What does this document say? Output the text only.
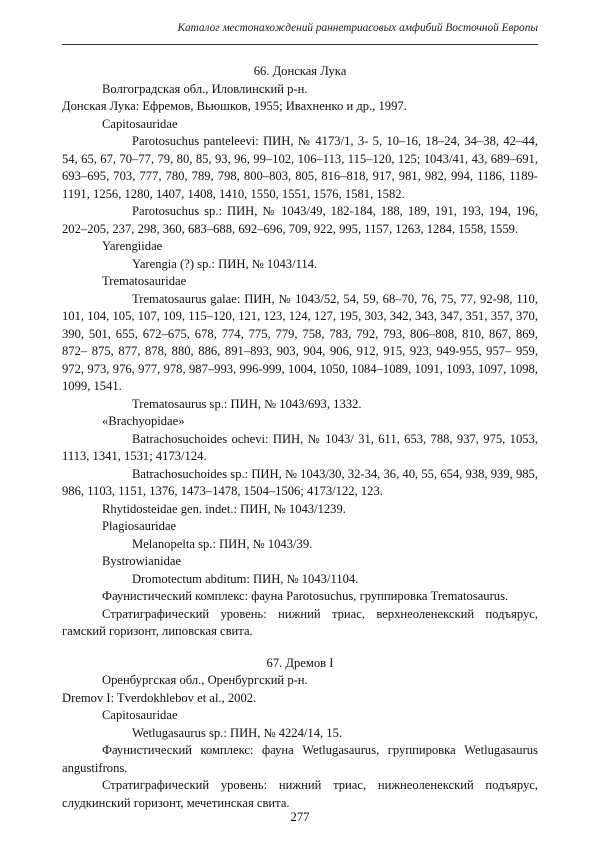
Каталог местонахождений раннетриасовых амфибий Восточной Европы

66. Донская Лука

Волгоградская обл., Иловлинский р-н.

Донская Лука: Ефремов, Вьюшков, 1955; Ивахненко и др., 1997.

Capitosauridae

Parotosuchus panteleevi: ПИН, № 4173/1, 3- 5, 10–16, 18–24, 34–38, 42–44, 54, 65, 67, 70–77, 79, 80, 85, 93, 96, 99–102, 106–113, 115–120, 125; 1043/41, 43, 689–691, 693–695, 703, 777, 780, 789, 798, 800–803, 805, 816–818, 917, 981, 982, 994, 1186, 1189-1191, 1256, 1280, 1407, 1408, 1410, 1550, 1551, 1576, 1581, 1582.

Parotosuchus sp.: ПИН, № 1043/49, 182-184, 188, 189, 191, 193, 194, 196, 202–205, 237, 298, 360, 683–688, 692–696, 709, 922, 995, 1157, 1263, 1284, 1558, 1559.

Yarengiidae

Yarengia (?) sp.: ПИН, № 1043/114.

Trematosauridae

Trematosaurus galae: ПИН, № 1043/52, 54, 59, 68–70, 76, 75, 77, 92-98, 110, 101, 104, 105, 107, 109, 115–120, 121, 123, 124, 127, 195, 303, 342, 343, 347, 351, 357, 370, 390, 501, 655, 672–675, 678, 774, 775, 779, 758, 783, 792, 793, 806–808, 810, 867, 869, 872– 875, 877, 878, 880, 886, 891–893, 903, 904, 906, 912, 915, 923, 949-955, 957– 959, 972, 973, 976, 977, 978, 987–993, 996-999, 1004, 1050, 1084–1089, 1091, 1093, 1097, 1098, 1099, 1541.

Trematosaurus sp.: ПИН, № 1043/693, 1332.

«Brachyopidae»

Batrachosuchoides ochevi: ПИН, № 1043/ 31, 611, 653, 788, 937, 975, 1053, 1113, 1341, 1531; 4173/124.

Batrachosuchoides sp.: ПИН, № 1043/30, 32-34, 36, 40, 55, 654, 938, 939, 985, 986, 1103, 1151, 1376, 1473–1478, 1504–1506; 4173/122, 123.

Rhytidosteidae gen. indet.: ПИН, № 1043/1239.

Plagiosauridae

Melanopelta sp.: ПИН, № 1043/39.

Bystrowianidae

Dromotectum abditum: ПИН, № 1043/1104.

Фаунистический комплекс: фауна Parotosuchus, группировка Trematosaurus.

Стратиграфический уровень: нижний триас, верхнеоленекский подъярус, гамский горизонт, липовская свита.

67. Дремов I

Оренбургская обл., Оренбургский р-н.

Dremov I: Tverdokhlebov et al., 2002.

Capitosauridae

Wetlugasaurus sp.: ПИН, № 4224/14, 15.

Фаунистический комплекс: фауна Wetlugasaurus, группировка Wetlugasaurus angustifrons.

Стратиграфический уровень: нижний триас, нижнеоленекский подъярус, слудкинский горизонт, мечетинская свита.

277
